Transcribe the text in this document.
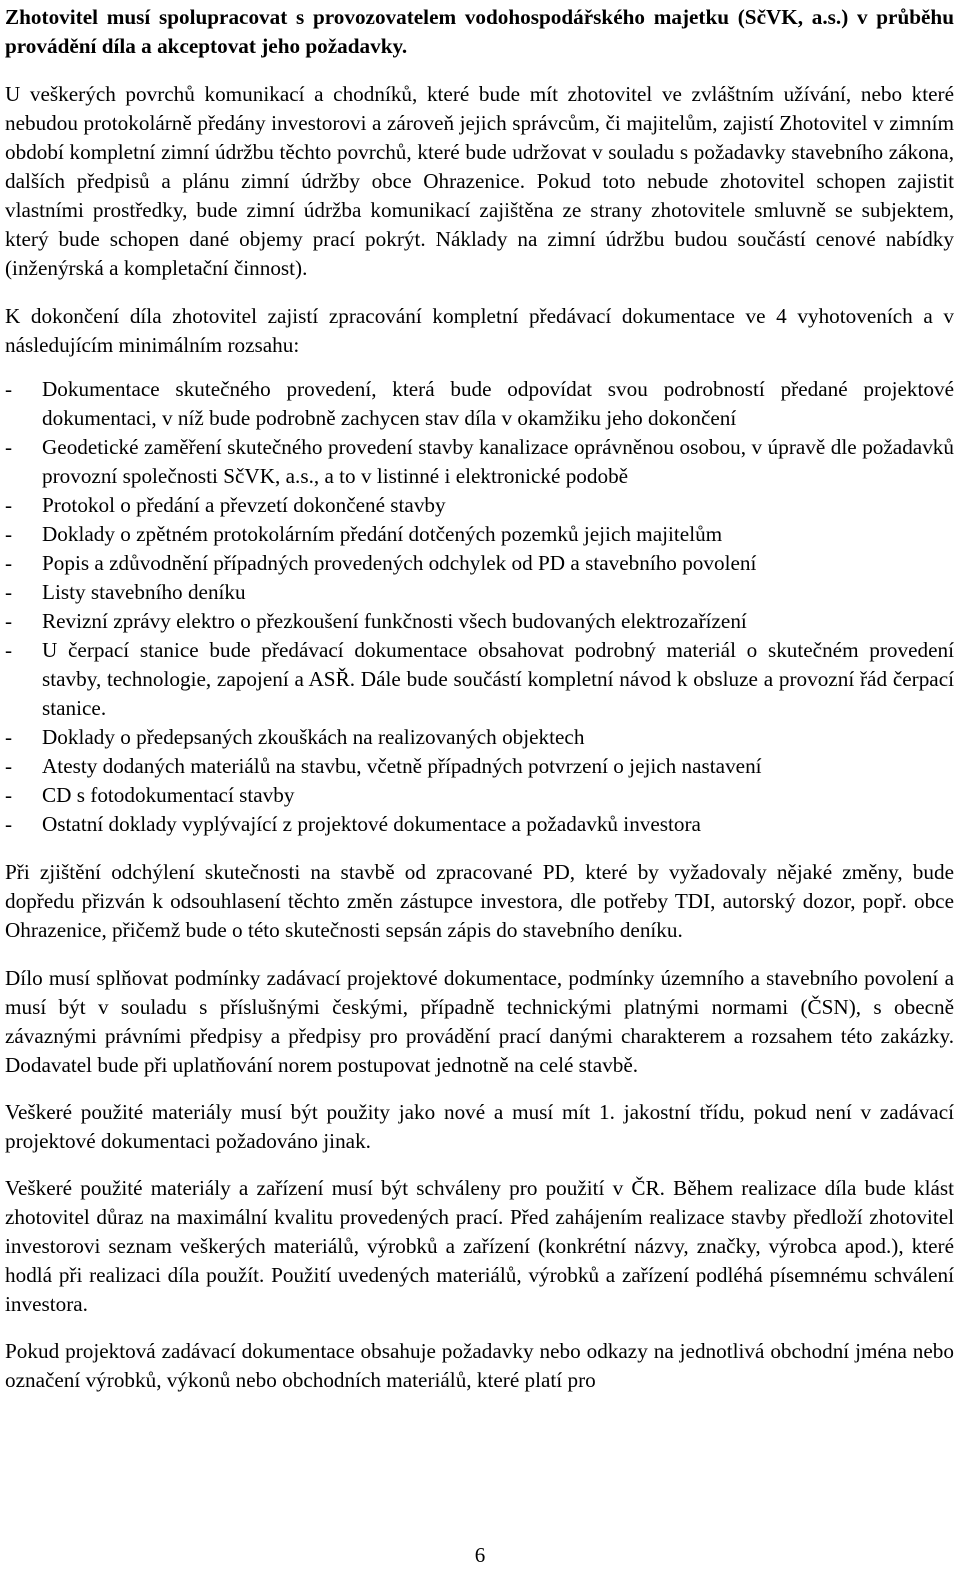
Zhotovitel musí spolupracovat s provozovatelem vodohospodářského majetku (SčVK, a.s.) v průběhu provádění díla a akceptovat jeho požadavky.

U veškerých povrchů komunikací a chodníků, které bude mít zhotovitel ve zvláštním užívání, nebo které nebudou protokolárně předány investorovi a zároveň jejich správcům, či majitelům, zajistí Zhotovitel v zimním období kompletní zimní údržbu těchto povrchů, které bude udržovat v souladu s požadavky stavebního zákona, dalších předpisů a plánu zimní údržby obce Ohrazenice. Pokud toto nebude zhotovitel schopen zajistit vlastními prostředky, bude zimní údržba komunikací zajištěna ze strany zhotovitele smluvně se subjektem, který bude schopen dané objemy prací pokrýt. Náklady na zimní údržbu budou součástí cenové nabídky (inženýrská a kompletační činnost).

K dokončení díla zhotovitel zajistí zpracování kompletní předávací dokumentace ve 4 vyhotoveních a v následujícím minimálním rozsahu:

- Dokumentace skutečného provedení, která bude odpovídat svou podrobností předané projektové dokumentaci, v níž bude podrobně zachycen stav díla v okamžiku jeho dokončení
- Geodetické zaměření skutečného provedení stavby kanalizace oprávněnou osobou, v úpravě dle požadavků provozní společnosti SčVK, a.s., a to v listinné i elektronické podobě
- Protokol o předání a převzetí dokončené stavby
- Doklady o zpětném protokolárním předání dotčených pozemků jejich majitelům
- Popis a zdůvodnění případných provedených odchylek od PD a stavebního povolení
- Listy stavebního deníku
- Revizní zprávy elektro o přezkoušení funkčnosti všech budovaných elektrozařízení
- U čerpací stanice bude předávací dokumentace obsahovat podrobný materiál o skutečném provedení stavby, technologie, zapojení a ASŘ. Dále bude součástí kompletní návod k obsluze a provozní řád čerpací stanice.
- Doklady o předepsaných zkouškách na realizovaných objektech
- Atesty dodaných materiálů na stavbu, včetně případných potvrzení o jejich nastavení
- CD s fotodokumentací stavby
- Ostatní doklady vyplývající z projektové dokumentace a požadavků investora

Při zjištění odchýlení skutečnosti na stavbě od zpracované PD, které by vyžadovaly nějaké změny, bude dopředu přizván k odsouhlasení těchto změn zástupce investora, dle potřeby TDI, autorský dozor, popř. obce Ohrazenice, přičemž bude o této skutečnosti sepsán zápis do stavebního deníku.

Dílo musí splňovat podmínky zadávací projektové dokumentace, podmínky územního a stavebního povolení a musí být v souladu s příslušnými českými, případně technickými platnými normami (ČSN), s obecně závaznými právními předpisy a předpisy pro provádění prací danými charakterem a rozsahem této zakázky. Dodavatel bude při uplatňování norem postupovat jednotně na celé stavbě.

Veškeré použité materiály musí být použity jako nové a musí mít 1. jakostní třídu, pokud není v zadávací projektové dokumentaci požadováno jinak.

Veškeré použité materiály a zařízení musí být schváleny pro použití v ČR. Během realizace díla bude klást zhotovitel důraz na maximální kvalitu provedených prací. Před zahájením realizace stavby předloží zhotovitel investorovi seznam veškerých materiálů, výrobků a zařízení (konkrétní názvy, značky, výrobca apod.), které hodlá při realizaci díla použít. Použití uvedených materiálů, výrobků a zařízení podléhá písemnému schválení investora.

Pokud projektová zadávací dokumentace obsahuje požadavky nebo odkazy na jednotlivá obchodní jména nebo označení výrobků, výkonů nebo obchodních materiálů, které platí pro

6
